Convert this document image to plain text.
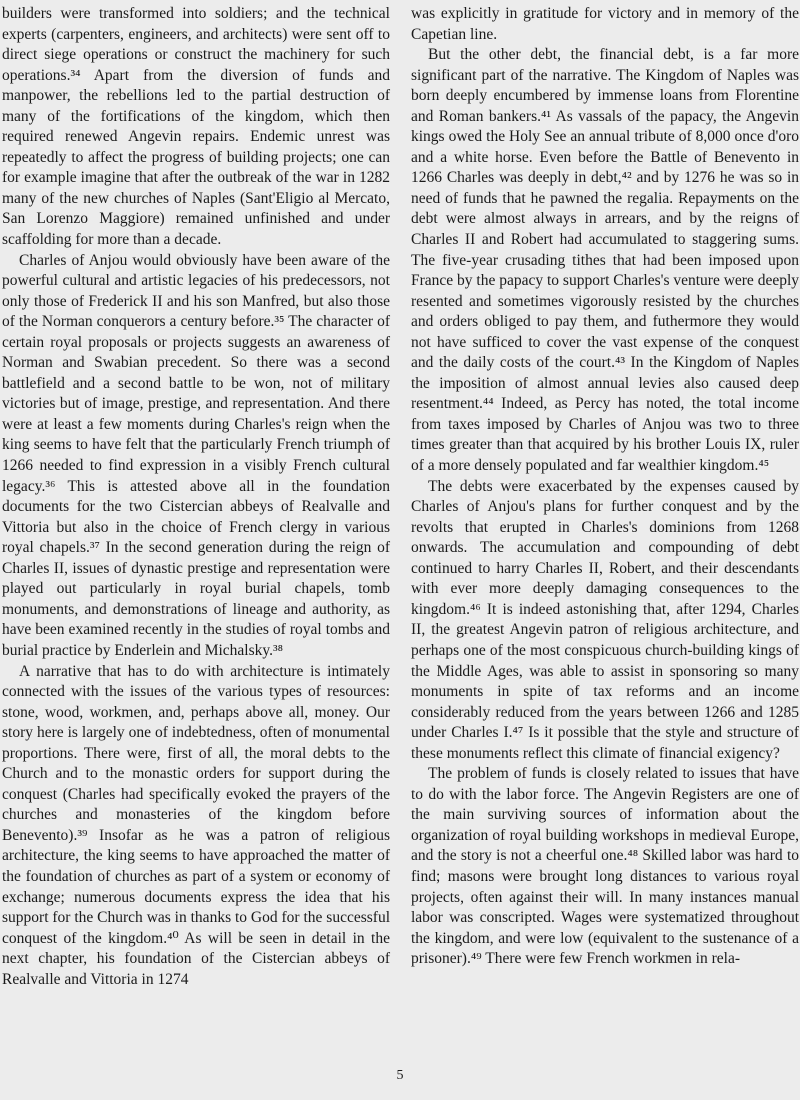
builders were transformed into soldiers; and the technical experts (carpenters, engineers, and architects) were sent off to direct siege operations or construct the machinery for such operations.³⁴ Apart from the diversion of funds and manpower, the rebellions led to the partial destruction of many of the fortifications of the kingdom, which then required renewed Angevin repairs. Endemic unrest was repeatedly to affect the progress of building projects; one can for example imagine that after the outbreak of the war in 1282 many of the new churches of Naples (Sant'Eligio al Mercato, San Lorenzo Maggiore) remained unfinished and under scaffolding for more than a decade.

Charles of Anjou would obviously have been aware of the powerful cultural and artistic legacies of his predecessors, not only those of Frederick II and his son Manfred, but also those of the Norman conquerors a century before.³⁵ The character of certain royal proposals or projects suggests an awareness of Norman and Swabian precedent. So there was a second battlefield and a second battle to be won, not of military victories but of image, prestige, and representation. And there were at least a few moments during Charles's reign when the king seems to have felt that the particularly French triumph of 1266 needed to find expression in a visibly French cultural legacy.³⁶ This is attested above all in the foundation documents for the two Cistercian abbeys of Realvalle and Vittoria but also in the choice of French clergy in various royal chapels.³⁷ In the second generation during the reign of Charles II, issues of dynastic prestige and representation were played out particularly in royal burial chapels, tomb monuments, and demonstrations of lineage and authority, as have been examined recently in the studies of royal tombs and burial practice by Enderlein and Michalsky.³⁸

A narrative that has to do with architecture is intimately connected with the issues of the various types of resources: stone, wood, workmen, and, perhaps above all, money. Our story here is largely one of indebtedness, often of monumental proportions. There were, first of all, the moral debts to the Church and to the monastic orders for support during the conquest (Charles had specifically evoked the prayers of the churches and monasteries of the kingdom before Benevento).³⁹ Insofar as he was a patron of religious architecture, the king seems to have approached the matter of the foundation of churches as part of a system or economy of exchange; numerous documents express the idea that his support for the Church was in thanks to God for the successful conquest of the kingdom.⁴⁰ As will be seen in detail in the next chapter, his foundation of the Cistercian abbeys of Realvalle and Vittoria in 1274

was explicitly in gratitude for victory and in memory of the Capetian line.

But the other debt, the financial debt, is a far more significant part of the narrative. The Kingdom of Naples was born deeply encumbered by immense loans from Florentine and Roman bankers.⁴¹ As vassals of the papacy, the Angevin kings owed the Holy See an annual tribute of 8,000 once d'oro and a white horse. Even before the Battle of Benevento in 1266 Charles was deeply in debt,⁴² and by 1276 he was so in need of funds that he pawned the regalia. Repayments on the debt were almost always in arrears, and by the reigns of Charles II and Robert had accumulated to staggering sums. The five-year crusading tithes that had been imposed upon France by the papacy to support Charles's venture were deeply resented and sometimes vigorously resisted by the churches and orders obliged to pay them, and futhermore they would not have sufficed to cover the vast expense of the conquest and the daily costs of the court.⁴³ In the Kingdom of Naples the imposition of almost annual levies also caused deep resentment.⁴⁴ Indeed, as Percy has noted, the total income from taxes imposed by Charles of Anjou was two to three times greater than that acquired by his brother Louis IX, ruler of a more densely populated and far wealthier kingdom.⁴⁵

The debts were exacerbated by the expenses caused by Charles of Anjou's plans for further conquest and by the revolts that erupted in Charles's dominions from 1268 onwards. The accumulation and compounding of debt continued to harry Charles II, Robert, and their descendants with ever more deeply damaging consequences to the kingdom.⁴⁶ It is indeed astonishing that, after 1294, Charles II, the greatest Angevin patron of religious architecture, and perhaps one of the most conspicuous church-building kings of the Middle Ages, was able to assist in sponsoring so many monuments in spite of tax reforms and an income considerably reduced from the years between 1266 and 1285 under Charles I.⁴⁷ Is it possible that the style and structure of these monuments reflect this climate of financial exigency?

The problem of funds is closely related to issues that have to do with the labor force. The Angevin Registers are one of the main surviving sources of information about the organization of royal building workshops in medieval Europe, and the story is not a cheerful one.⁴⁸ Skilled labor was hard to find; masons were brought long distances to various royal projects, often against their will. In many instances manual labor was conscripted. Wages were systematized throughout the kingdom, and were low (equivalent to the sustenance of a prisoner).⁴⁹ There were few French workmen in rela-

5
